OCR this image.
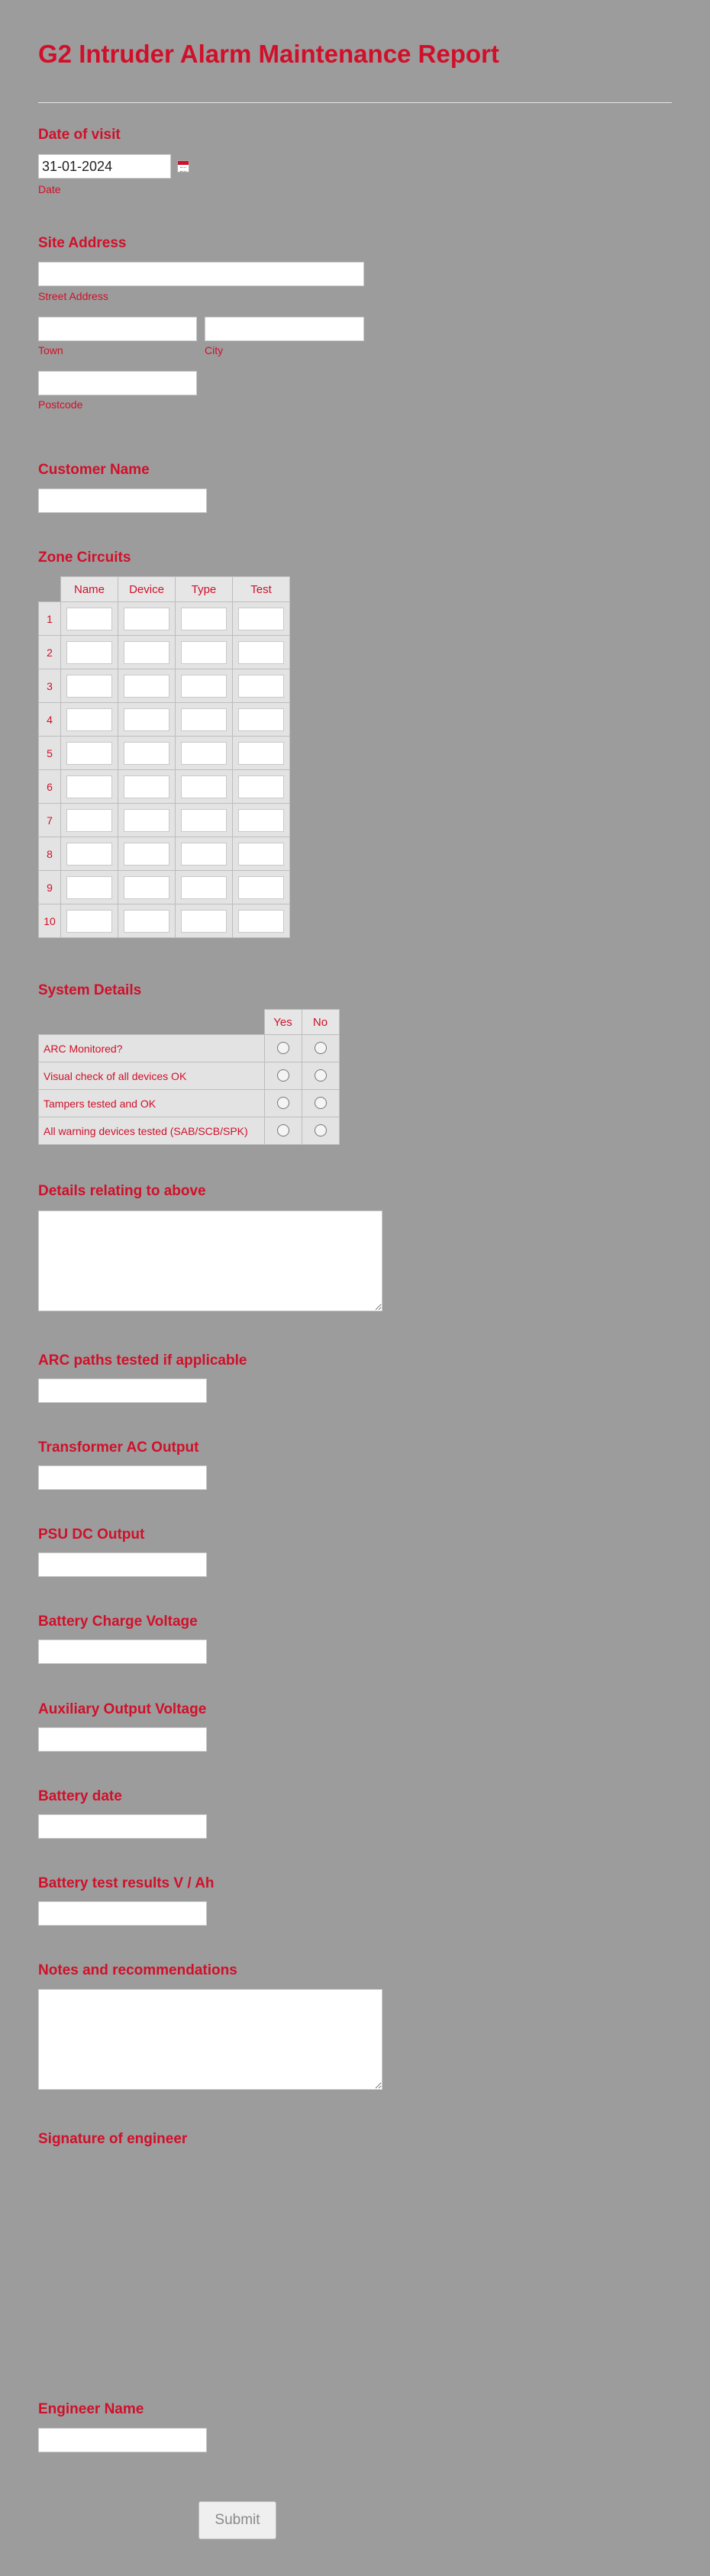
G2 Intruder Alarm Maintenance Report
Date of visit
31-01-2024
Date
Site Address
Street Address
Town	City
Postcode
Customer Name
Zone Circuits
	Name	Device	Type	Test
1				
2				
3				
4				
5				
6				
7				
8				
9				
10				
System Details
	Yes	No
ARC Monitored?		
Visual check of all devices OK		
Tampers tested and OK		
All warning devices tested (SAB/SCB/SPK)		
Details relating to above
ARC paths tested if applicable
Transformer AC Output
PSU DC Output
Battery Charge Voltage
Auxiliary Output Voltage
Battery date
Battery test results V / Ah
Notes and recommendations
Signature of engineer
Engineer Name
Submit
